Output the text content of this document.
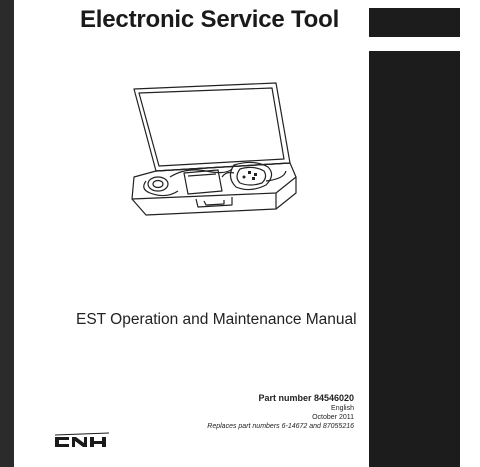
Electronic Service Tool
EST Operation and Maintenance Manual
Part number 84546020
English
October 2011
Replaces part numbers 6-14672 and 87055216
